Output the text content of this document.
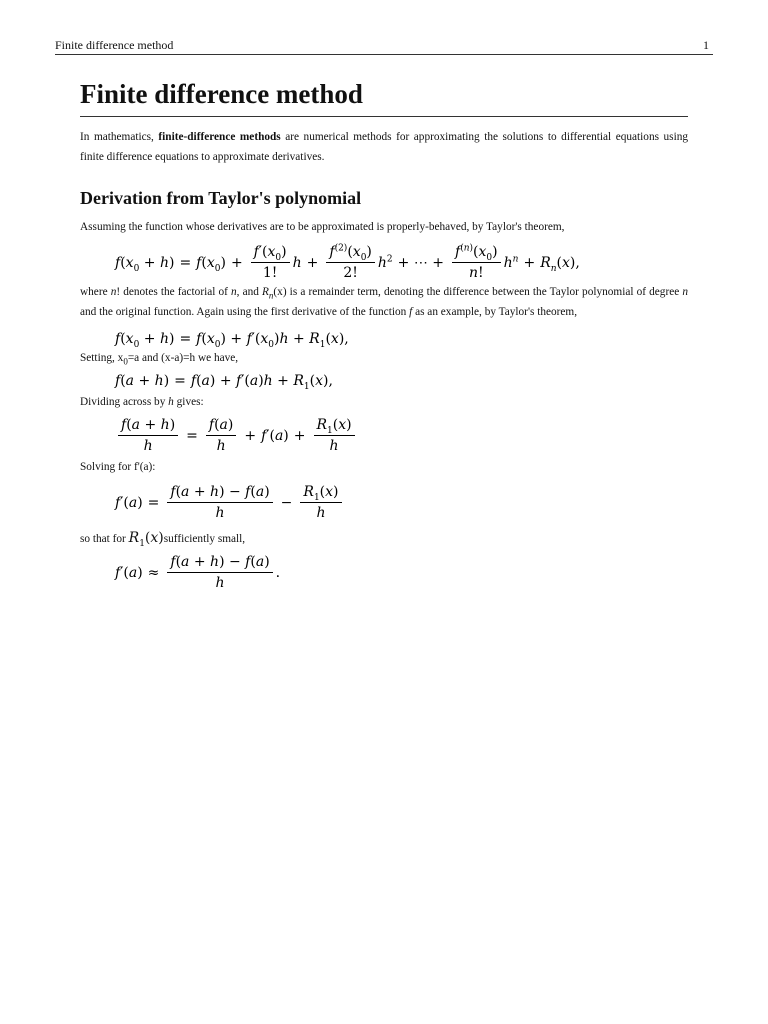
Finite difference method	1
Finite difference method

In mathematics, finite-difference methods are numerical methods for approximating the solutions to differential equations using finite difference equations to approximate derivatives.

Derivation from Taylor's polynomial

Assuming the function whose derivatives are to be approximated is properly-behaved, by Taylor's theorem,

$f(x_0 + h) = f(x_0) + \frac{f'(x_0)}{1!}$ $h + \frac{f^{(2)}(x_0)}{2!} h^2$ + ⋯ + $\frac{f^{(n)}(x_0)}{n!} h^n + R_n(x)$,

where n! denotes the factorial of n, and $R_n(x)$ is a remainder term, denoting the difference between the Taylor polynomial of degree n and the original function. Again using the first derivative of the function f as an example, by Taylor's theorem,

$f(x_0 + h) = f(x_0) + f'(x_0)h + R_1(x)$,

Setting, $x_0=a$ and (x-a)=h we have,

$f(a + h) = f(a) + f'(a)h + R_1(x)$,

Dividing across by h gives:

$\frac{f(a + h)}{h} = \frac{f(a)}{h} + f'(a) + \frac{R_1(x)}{h}$

Solving for f'(a):

$f'(a) = \frac{f(a + h) - f(a)}{h} - \frac{R_1(x)}{h}$

so that for $R_1(x)sufficiently$ small,

$f'(a) \approx \frac{f(a + h) - f(a)}{h}$ .
